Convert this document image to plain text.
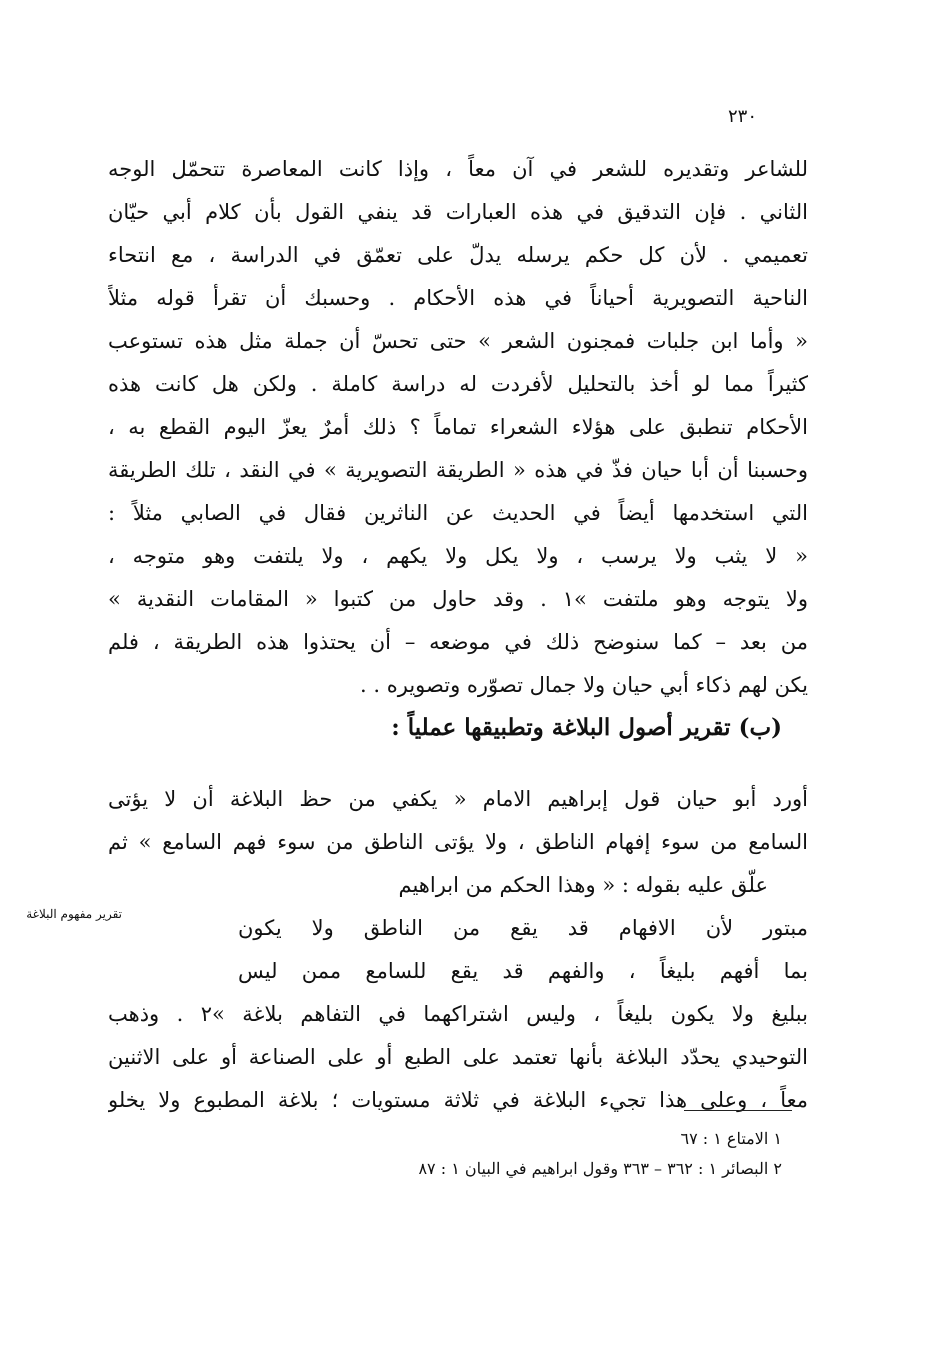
٢٣٠
للشاعر وتقديره للشعر في آن معاً ، وإذا كانت المعاصرة تتحمّل الوجه
الثاني . فإن التدقيق في هذه العبارات قد ينفي القول بأن كلام أبي حيّان
تعميمي . لأن كل حكم يرسله يدلّ على تعمّق في الدراسة ، مع انتحاء
الناحية التصويرية أحياناً في هذه الأحكام . وحسبك أن تقرأ قوله مثلاً
« وأما ابن جلبات فمجنون الشعر » حتى تحسّ أن جملة مثل هذه تستوعب
كثيراً مما لو أخذ بالتحليل لأفردت له دراسة كاملة . ولكن هل كانت هذه
الأحكام تنطبق على هؤلاء الشعراء تماماً ؟ ذلك أمرٌ يعزّ اليوم القطع به ،
وحسبنا أن أبا حيان فذّ في هذه « الطريقة التصويرية » في النقد ، تلك الطريقة
التي استخدمها أيضاً في الحديث عن الناثرين فقال في الصابي مثلاً :
« لا يثب ولا يرسب ، ولا يكل ولا يكهم ، ولا يلتفت وهو متوجه ،
ولا يتوجه وهو ملتفت »١ . وقد حاول من كتبوا « المقامات النقدية »
من بعد – كما سنوضح ذلك في موضعه – أن يحتذوا هذه الطريقة ، فلم
يكن لهم ذكاء أبي حيان ولا جمال تصوّره وتصويره . .
(ب) تقرير أصول البلاغة وتطبيقها عملياً :
تقرير مفهوم البلاغة
أورد أبو حيان قول إبراهيم الامام « يكفي من حظ البلاغة أن لا يؤتى
السامع من سوء إفهام الناطق ، ولا يؤتى الناطق من سوء فهم السامع » ثم
علّق عليه بقوله : « وهذا الحكم من ابراهيم
مبتور لأن الافهام قد يقع من الناطق ولا يكون
بما أفهم بليغاً ، والفهم قد يقع للسامع ممن ليس
ببليغ ولا يكون بليغاً ، وليس اشتراكهما في التفاهم بلاغة »٢ . وذهب
التوحيدي يحدّد البلاغة بأنها تعتمد على الطبع أو على الصناعة أو على الاثنين
معاً ، وعلى هذا تجيء البلاغة في ثلاثة مستويات ؛ بلاغة المطبوع ولا يخلو
١ الامتاع ١ : ٦٧
٢ البصائر ١ : ٣٦٢ – ٣٦٣ وقول ابراهيم في البيان ١ : ٨٧
